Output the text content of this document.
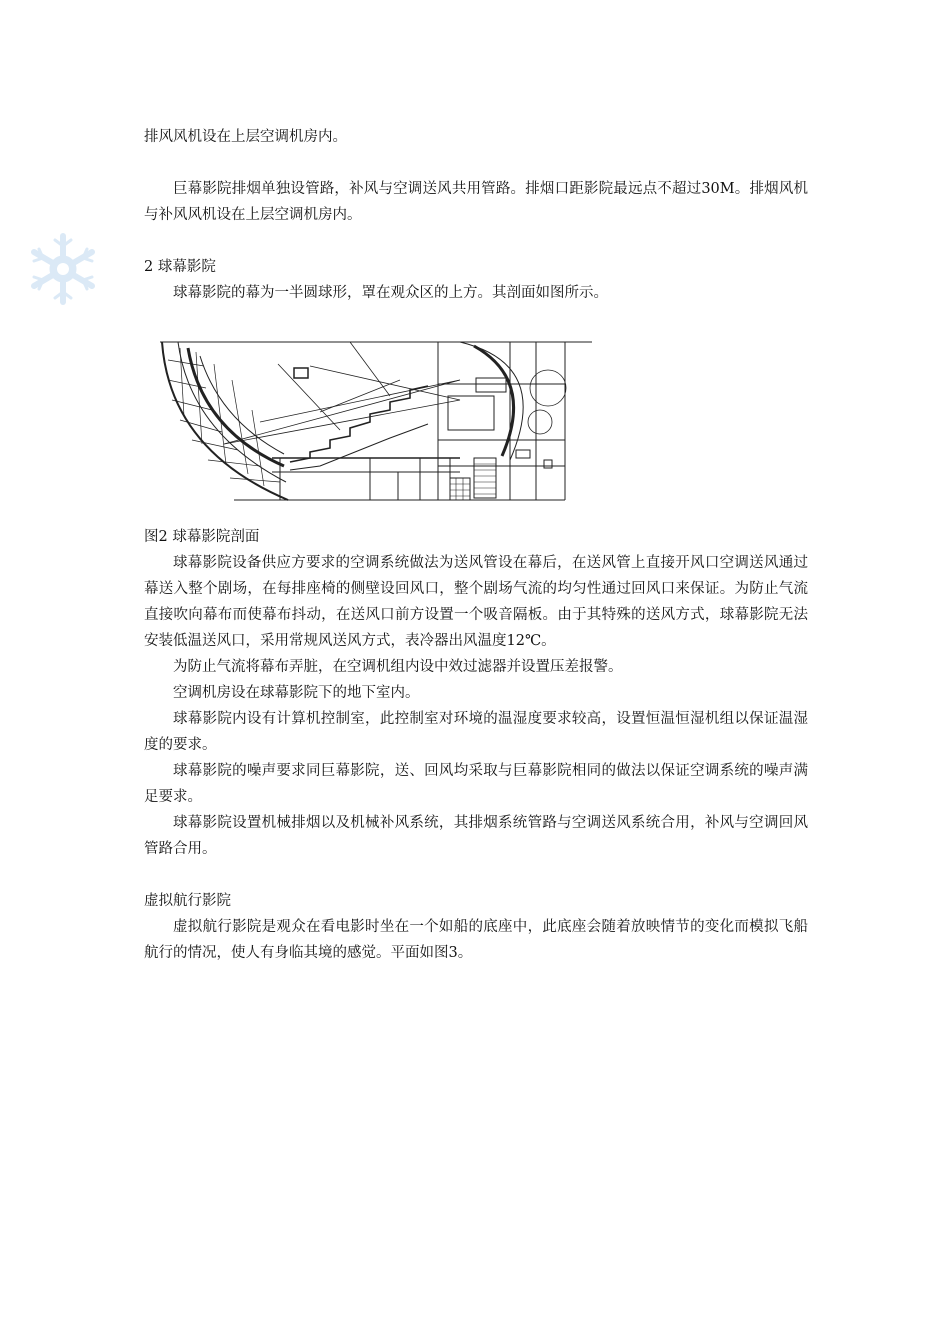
排风风机设在上层空调机房内。

巨幕影院排烟单独设管路，补风与空调送风共用管路。排烟口距影院最远点不超过30M。排烟风机与补风风机设在上层空调机房内。

2 球幕影院

球幕影院的幕为一半圆球形，罩在观众区的上方。其剖面如图所示。

图2 球幕影院剖面

球幕影院设备供应方要求的空调系统做法为送风管设在幕后，在送风管上直接开风口空调送风通过幕送入整个剧场，在每排座椅的侧壁设回风口，整个剧场气流的均匀性通过回风口来保证。为防止气流直接吹向幕布而使幕布抖动，在送风口前方设置一个吸音隔板。由于其特殊的送风方式，球幕影院无法安装低温送风口，采用常规风送风方式，表冷器出风温度12℃。

为防止气流将幕布弄脏，在空调机组内设中效过滤器并设置压差报警。

空调机房设在球幕影院下的地下室内。

球幕影院内设有计算机控制室，此控制室对环境的温湿度要求较高，设置恒温恒湿机组以保证温湿度的要求。

球幕影院的噪声要求同巨幕影院，送、回风均采取与巨幕影院相同的做法以保证空调系统的噪声满足要求。

球幕影院设置机械排烟以及机械补风系统，其排烟系统管路与空调送风系统合用，补风与空调回风管路合用。

虚拟航行影院

虚拟航行影院是观众在看电影时坐在一个如船的底座中，此底座会随着放映情节的变化而模拟飞船航行的情况，使人有身临其境的感觉。平面如图3。
